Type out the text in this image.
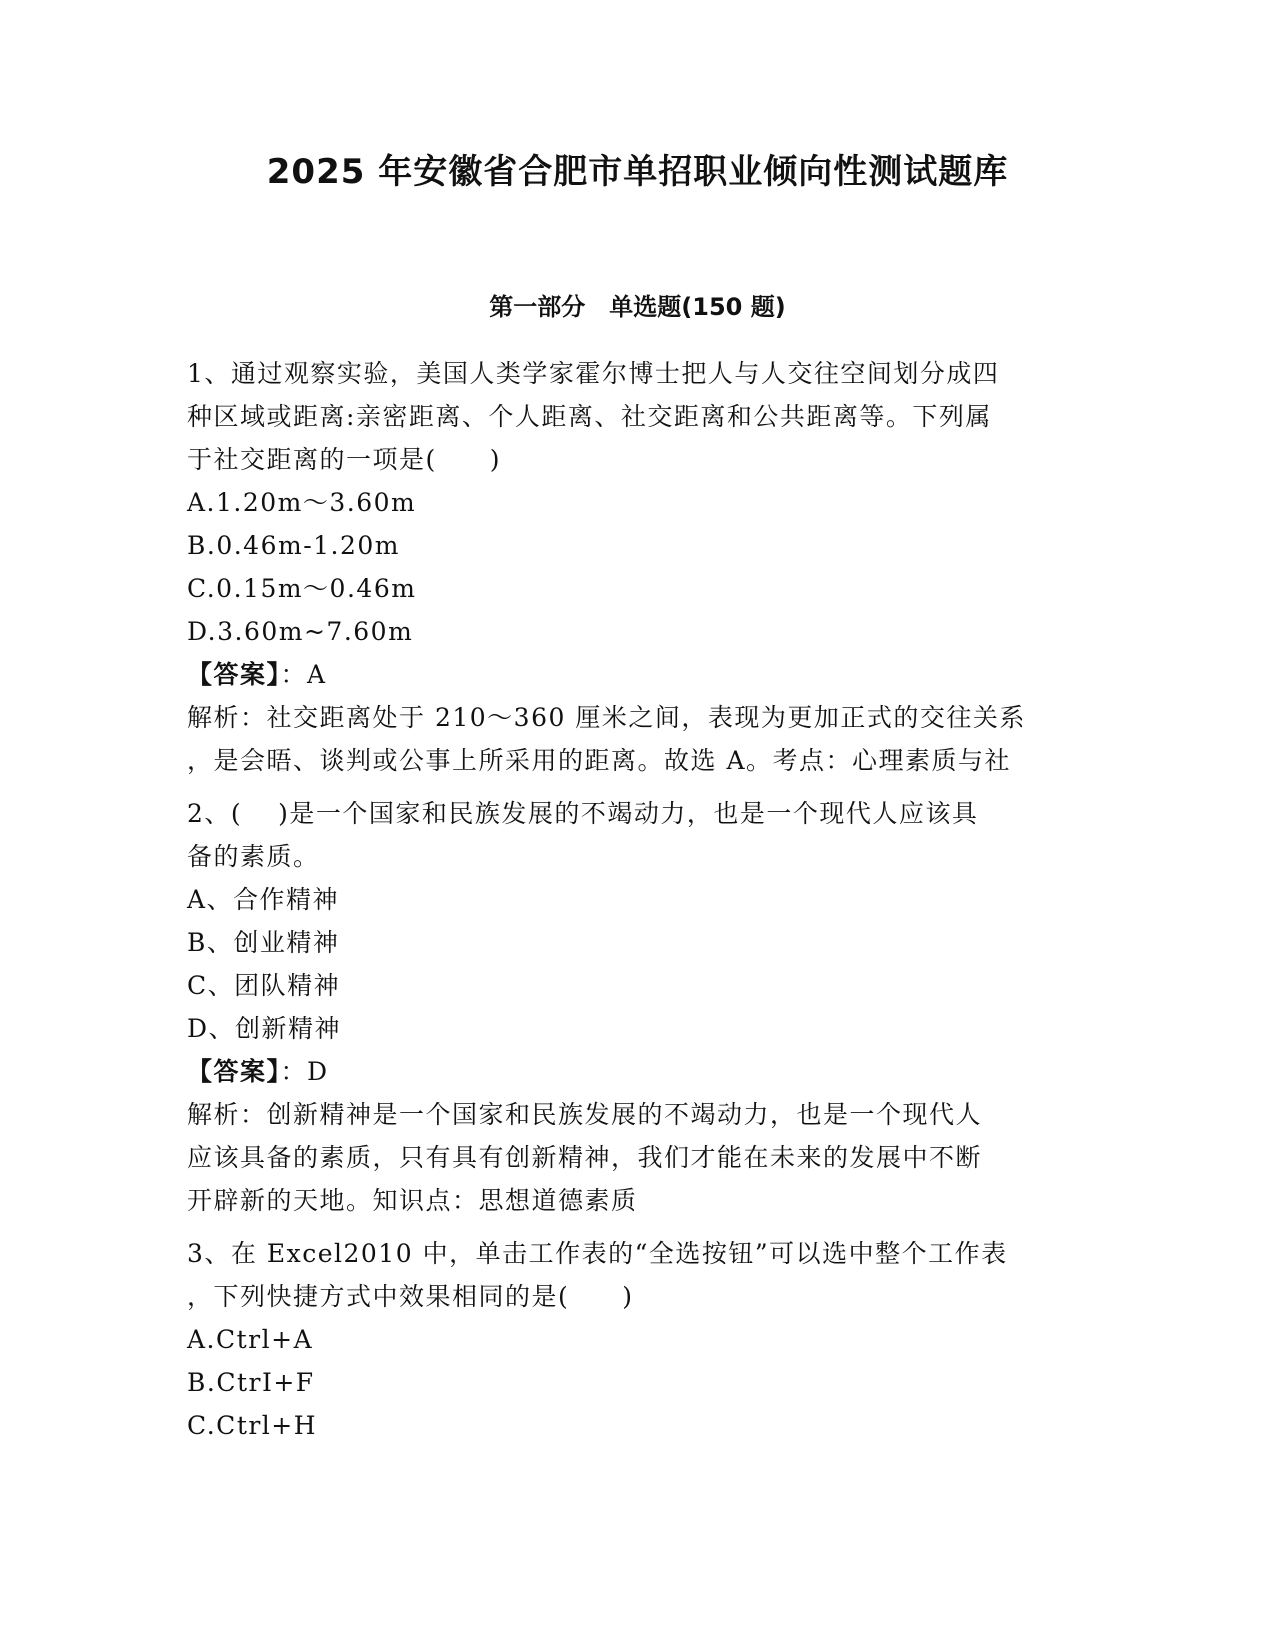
2025 年安徽省合肥市单招职业倾向性测试题库
第一部分　单选题(150 题)
1、通过观察实验，美国人类学家霍尔博士把人与人交往空间划分成四
种区域或距离:亲密距离、个人距离、社交距离和公共距离等。下列属
于社交距离的一项是(　　)
A.1.20m～3.60m
B.0.46m-1.20m
C.0.15m～0.46m
D.3.60m~7.60m
【答案】：A
解析：社交距离处于 210～360 厘米之间，表现为更加正式的交往关系
，是会晤、谈判或公事上所采用的距离。故选 A。考点：心理素质与社
2、(　 )是一个国家和民族发展的不竭动力，也是一个现代人应该具
备的素质。
A、合作精神
B、创业精神
C、团队精神
D、创新精神
【答案】：D
解析：创新精神是一个国家和民族发展的不竭动力，也是一个现代人
应该具备的素质，只有具有创新精神，我们才能在未来的发展中不断
开辟新的天地。知识点：思想道德素质
3、在 Excel2010 中，单击工作表的“全选按钮”可以选中整个工作表
，下列快捷方式中效果相同的是(　　)
A.Ctrl+A
B.CtrI+F
C.Ctrl+H
